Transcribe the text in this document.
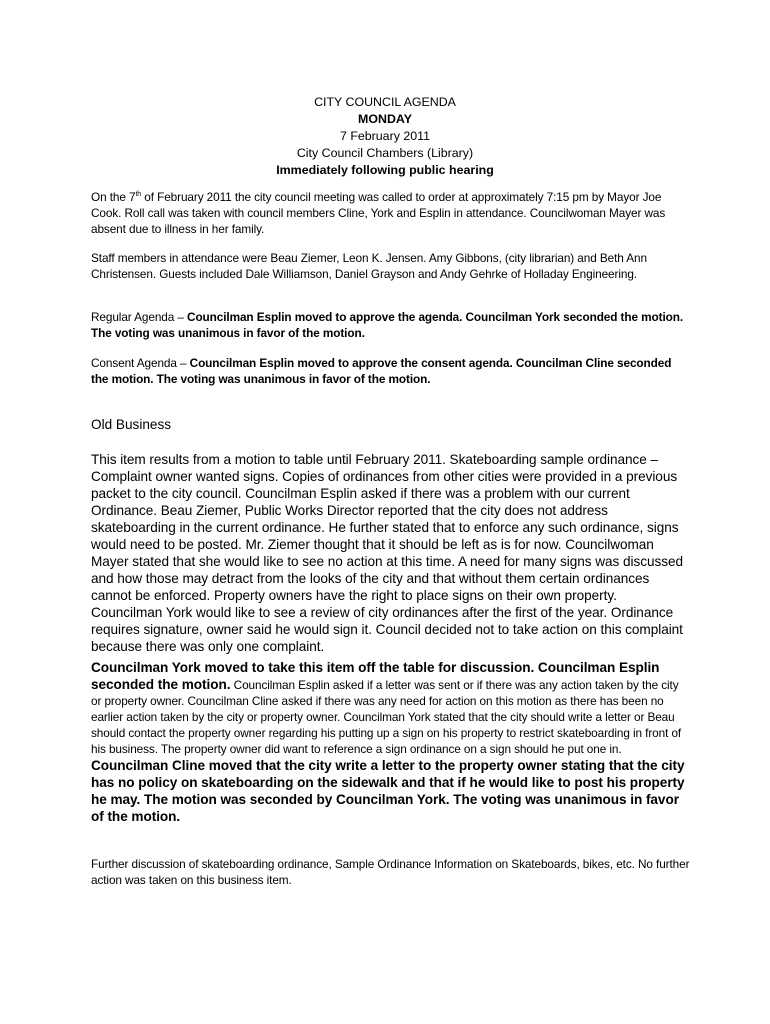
CITY COUNCIL AGENDA
MONDAY
7 February 2011
City Council Chambers (Library)
Immediately following public hearing

On the 7th of February 2011 the city council meeting was called to order at approximately 7:15 pm by Mayor Joe Cook. Roll call was taken with council members Cline, York and Esplin in attendance. Councilwoman Mayer was absent due to illness in her family.

Staff members in attendance were Beau Ziemer, Leon K. Jensen. Amy Gibbons, (city librarian) and Beth Ann Christensen. Guests included Dale Williamson, Daniel Grayson and Andy Gehrke of Holladay Engineering.

Regular Agenda – Councilman Esplin moved to approve the agenda. Councilman York seconded the motion. The voting was unanimous in favor of the motion.

Consent Agenda – Councilman Esplin moved to approve the consent agenda. Councilman Cline seconded the motion. The voting was unanimous in favor of the motion.

Old Business

This item results from a motion to table until February 2011. Skateboarding sample ordinance – Complaint owner wanted signs. Copies of ordinances from other cities were provided in a previous packet to the city council. Councilman Esplin asked if there was a problem with our current Ordinance. Beau Ziemer, Public Works Director reported that the city does not address skateboarding in the current ordinance. He further stated that to enforce any such ordinance, signs would need to be posted. Mr. Ziemer thought that it should be left as is for now. Councilwoman Mayer stated that she would like to see no action at this time. A need for many signs was discussed and how those may detract from the looks of the city and that without them certain ordinances cannot be enforced. Property owners have the right to place signs on their own property. Councilman York would like to see a review of city ordinances after the first of the year. Ordinance requires signature, owner said he would sign it. Council decided not to take action on this complaint because there was only one complaint.

Councilman York moved to take this item off the table for discussion. Councilman Esplin seconded the motion. Councilman Esplin asked if a letter was sent or if there was any action taken by the city or property owner. Councilman Cline asked if there was any need for action on this motion as there has been no earlier action taken by the city or property owner. Councilman York stated that the city should write a letter or Beau should contact the property owner regarding his putting up a sign on his property to restrict skateboarding in front of his business. The property owner did want to reference a sign ordinance on a sign should he put one in. Councilman Cline moved that the city write a letter to the property owner stating that the city has no policy on skateboarding on the sidewalk and that if he would like to post his property he may. The motion was seconded by Councilman York. The voting was unanimous in favor of the motion.

Further discussion of skateboarding ordinance, Sample Ordinance Information on Skateboards, bikes, etc. No further action was taken on this business item.
